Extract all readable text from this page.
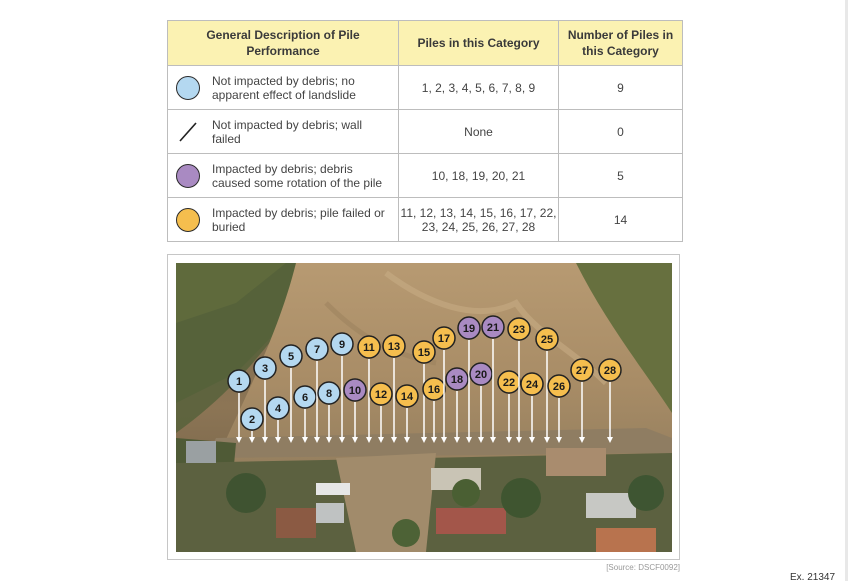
General Description of Pile Performance	Piles in this Category	Number of Piles in this Category

Not impacted by debris; no apparent effect of landslide	1, 2, 3, 4, 5, 6, 7, 8, 9	9

Not impacted by debris; wall failed	None	0

Impacted by debris; debris caused some rotation of the pile	10, 18, 19, 20, 21	5

Impacted by debris; pile failed or buried	11, 12, 13, 14, 15, 16, 17, 22, 23, 24, 25, 26, 27, 28	14
1
2
3
4
5
6
7
8
9
10
11
12
13
14
15
16
17
18
19
20
21
22
23
24
25
26
27 28
[Source: DSCF0092]
Ex. 21347
